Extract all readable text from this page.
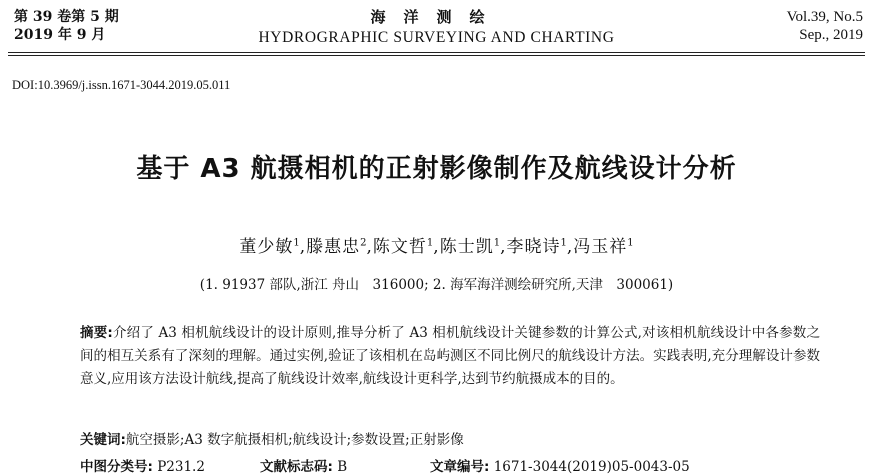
第 39 卷第 5 期
2019 年 9 月
海洋测绘
HYDROGRAPHIC SURVEYING AND CHARTING
Vol.39, No.5
Sep., 2019
DOI:10.3969/j.issn.1671-3044.2019.05.011
基于 A3 航摄相机的正射影像制作及航线设计分析
董少敏$^1$,滕惠忠$^2$,陈文哲$^1$,陈士凯$^1$,李晓诗$^1$,冯玉祥$^1$
(1. 91937 部队,浙江 舟山　316000; 2. 海军海洋测绘研究所,天津　300061)
摘要:介绍了 A3 相机航线设计的设计原则,推导分析了 A3 相机航线设计关键参数的计算公式,对该相机航线设计中各参数之间的相互关系有了深刻的理解。通过实例,验证了该相机在岛屿测区不同比例尺的航线设计方法。实践表明,充分理解设计参数意义,应用该方法设计航线,提高了航线设计效率,航线设计更科学,达到节约航摄成本的目的。
关键词:航空摄影;A3 数字航摄相机;航线设计;参数设置;正射影像
中图分类号: P231.2	文献标志码: B	文章编号: 1671-3044(2019)05-0043-05
